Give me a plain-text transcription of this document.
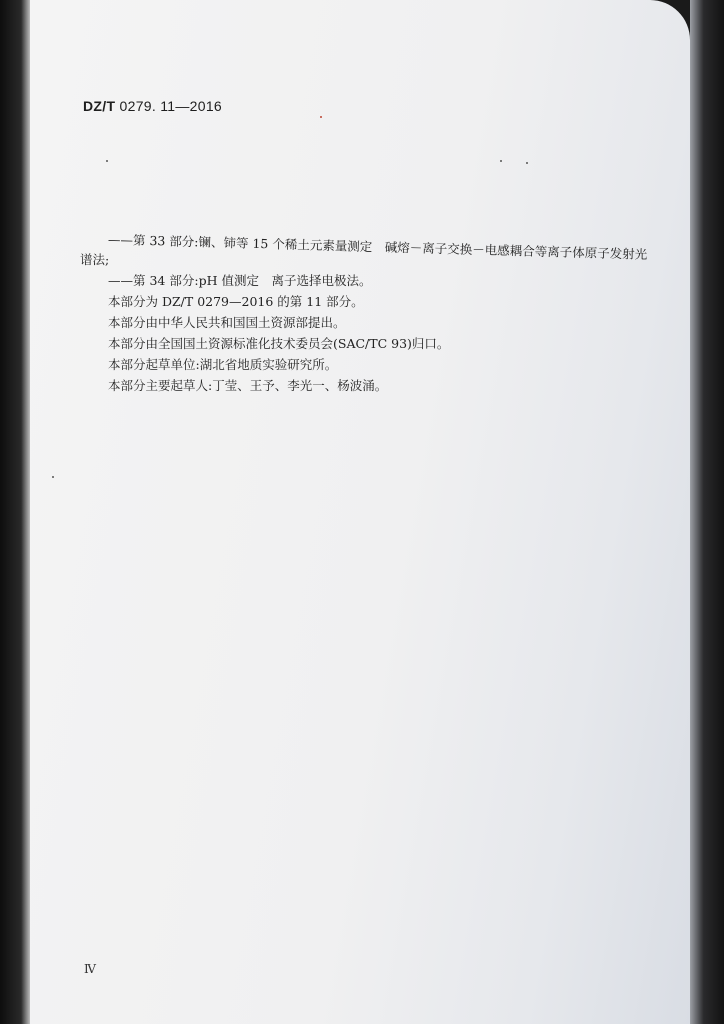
DZ/T 0279. 11—2016
——第 33 部分:镧、铈等 15 个稀土元素量测定　碱熔－离子交换－电感耦合等离子体原子发射光
谱法;
——第 34 部分:pH 值测定　离子选择电极法。
本部分为 DZ/T 0279—2016 的第 11 部分。
本部分由中华人民共和国国土资源部提出。
本部分由全国国土资源标准化技术委员会(SAC/TC 93)归口。
本部分起草单位:湖北省地质实验研究所。
本部分主要起草人:丁莹、王予、李光一、杨波涌。
Ⅳ
